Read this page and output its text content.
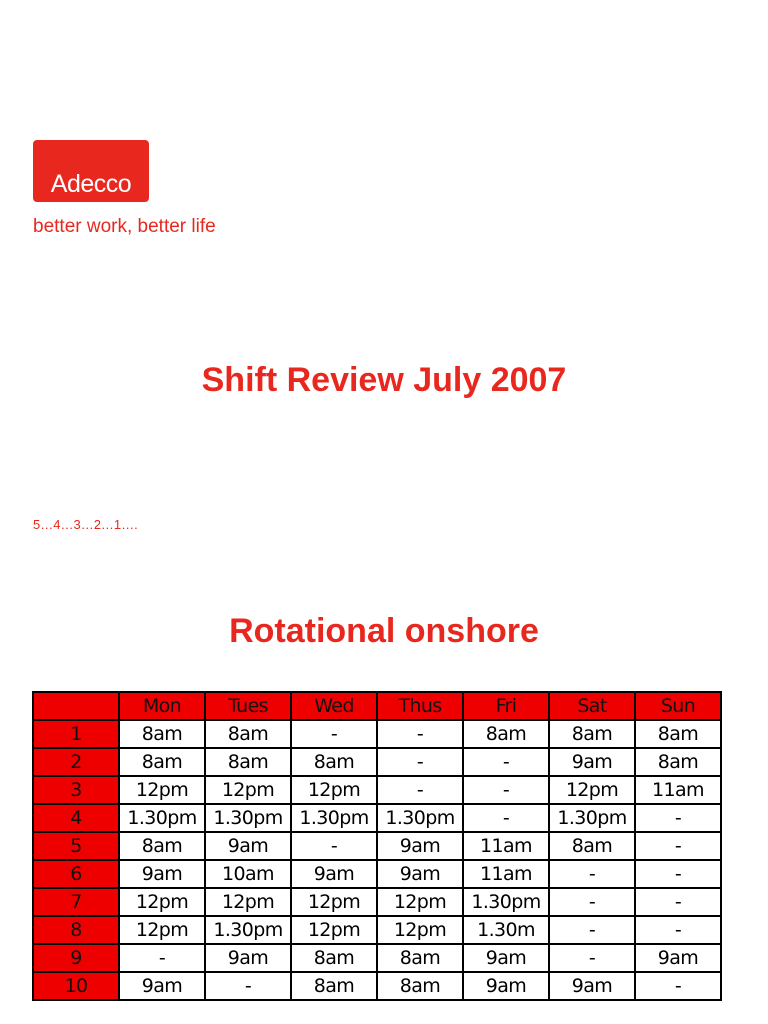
Adecco
better work, better life
Shift Review July 2007
5…4…3…2…1….
Rotational onshore
	Mon	Tues	Wed	Thus	Fri	Sat	Sun
1	8am	8am	-	-	8am	8am	8am
2	8am	8am	8am	-	-	9am	8am
3	12pm	12pm	12pm	-	-	12pm	11am
4	1.30pm	1.30pm	1.30pm	1.30pm	-	1.30pm	-
5	8am	9am	-	9am	11am	8am	-
6	9am	10am	9am	9am	11am	-	-
7	12pm	12pm	12pm	12pm	1.30pm	-	-
8	12pm	1.30pm	12pm	12pm	1.30m	-	-
9	-	9am	8am	8am	9am	-	9am
10	9am	-	8am	8am	9am	9am	-
